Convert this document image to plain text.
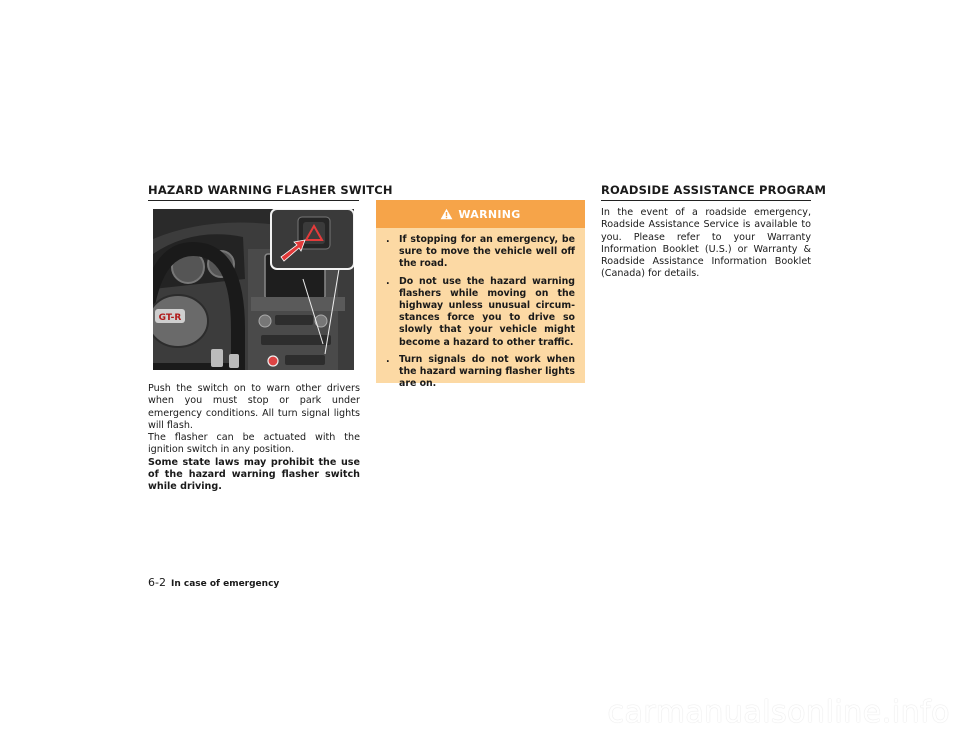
HAZARD WARNING FLASHER SWITCH
GT-R

Push the switch on to warn other drivers when you must stop or park under emergency conditions. All turn signal lights will flash.

The flasher can be actuated with the ignition switch in any position.

Some state laws may prohibit the use of the hazard warning flasher switch while driving.

WARNING
. If stopping for an emergency, be sure to move the vehicle well off the road.
. Do not use the hazard warning flashers while moving on the highway unless unusual circum-stances force you to drive so slowly that your vehicle might become a hazard to other traffic.
. Turn signals do not work when the hazard warning flasher lights are on.
ROADSIDE ASSISTANCE PROGRAM

In the event of a roadside emergency, Roadside Assistance Service is available to you. Please refer to your Warranty Information Booklet (U.S.) or Warranty & Roadside Assistance Information Booklet (Canada) for details.

6-2 In case of emergency
carmanualsonline.info
